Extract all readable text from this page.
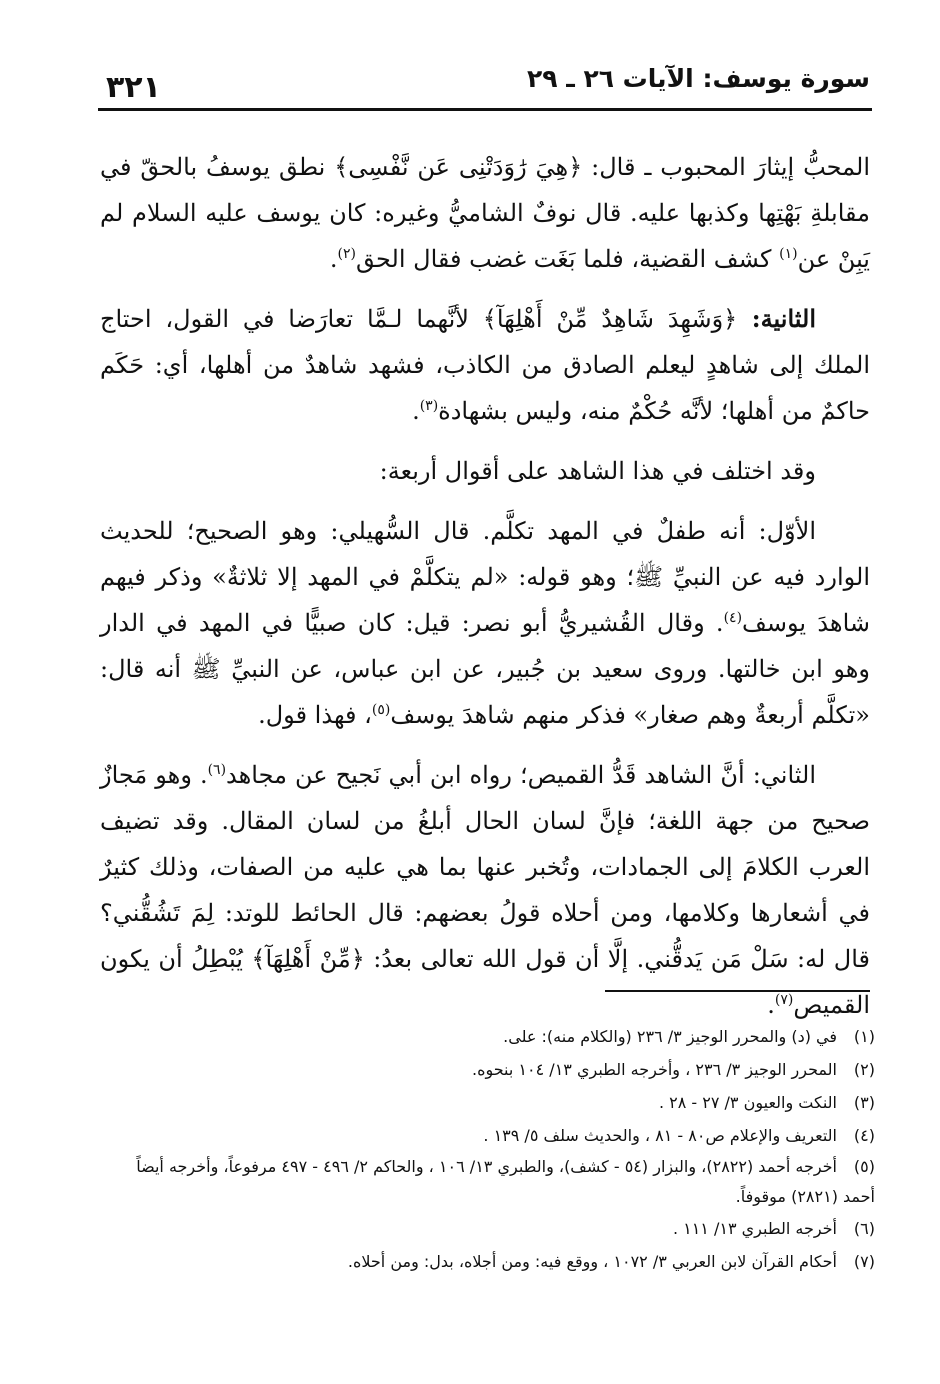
سورة يوسف: الآيات ٢٦ ـ ٢٩
٣٢١

المحبُّ إيثارَ المحبوب ـ قال: ﴿هِيَ رَٰوَدَتْنِى عَن نَّفْسِى﴾ نطق يوسفُ بالحقّ في مقابلةِ بَهْتِها وكذبها عليه. قال نوفٌ الشاميُّ وغيره: كان يوسف عليه السلام لم يَبِنْ عن$^{(١)}$ كشف القضية، فلما بَغَت غضب فقال الحق$^{(٢)}$.

الثانية: ﴿وَشَهِدَ شَاهِدٌ مِّنْ أَهْلِهَآ﴾ لأنَّهما لـمَّا تعارَضا في القول، احتاج الملك إلى شاهدٍ ليعلم الصادق من الكاذب، فشهد شاهدٌ من أهلها، أي: حَكَم حاكمٌ من أهلها؛ لأنَّه حُكْمٌ منه، وليس بشهادة$^{(٣)}$.

وقد اختلف في هذا الشاهد على أقوال أربعة:

الأوّل: أنه طفلٌ في المهد تكلَّم. قال السُّهيلي: وهو الصحيح؛ للحديث الوارد فيه عن النبيِّ ﷺ؛ وهو قوله: «لم يتكلَّمْ في المهد إلا ثلاثةٌ» وذكر فيهم شاهدَ يوسف$^{(٤)}$. وقال القُشيريُّ أبو نصر: قيل: كان صبيًّا في المهد في الدار وهو ابن خالتها. وروى سعيد بن جُبير، عن ابن عباس، عن النبيِّ ﷺ أنه قال: «تكلَّم أربعةٌ وهم صغار» فذكر منهم شاهدَ يوسف$^{(٥)}$، فهذا قول.

الثاني: أنَّ الشاهد قَدُّ القميص؛ رواه ابن أبي نَجيح عن مجاهد$^{(٦)}$. وهو مَجازٌ صحيح من جهة اللغة؛ فإنَّ لسان الحال أبلغُ من لسان المقال. وقد تضيف العرب الكلامَ إلى الجمادات، وتُخبر عنها بما هي عليه من الصفات، وذلك كثيرٌ في أشعارها وكلامها، ومن أحلاه قولُ بعضهم: قال الحائط للوتد: لِمَ تَشُقُّني؟ قال له: سَلْ مَن يَدقُّني. إلَّا أن قول الله تعالى بعدُ: ﴿مِّنْ أَهْلِهَآ﴾ يُبْطِلُ أن يكون القميص$^{(٧)}$.

(١)في (د) والمحرر الوجيز ٣/ ٢٣٦ (والكلام منه): على.

(٢)المحرر الوجيز ٣/ ٢٣٦ ، وأخرجه الطبري ١٣/ ١٠٤ بنحوه.

(٣)النكت والعيون ٣/ ٢٧ - ٢٨ .

(٤)التعريف والإعلام ص٨٠ - ٨١ ، والحديث سلف ٥/ ١٣٩ .

(٥)أخرجه أحمد (٢٨٢٢)، والبزار (٥٤ - كشف)، والطبري ١٣/ ١٠٦ ، والحاكم ٢/ ٤٩٦ - ٤٩٧ مرفوعاً، وأخرجه أيضاً أحمد (٢٨٢١) موقوفاً.

(٦)أخرجه الطبري ١٣/ ١١١ .

(٧)أحكام القرآن لابن العربي ٣/ ١٠٧٢ ، ووقع فيه: ومن أجلاه، بدل: ومن أحلاه.
